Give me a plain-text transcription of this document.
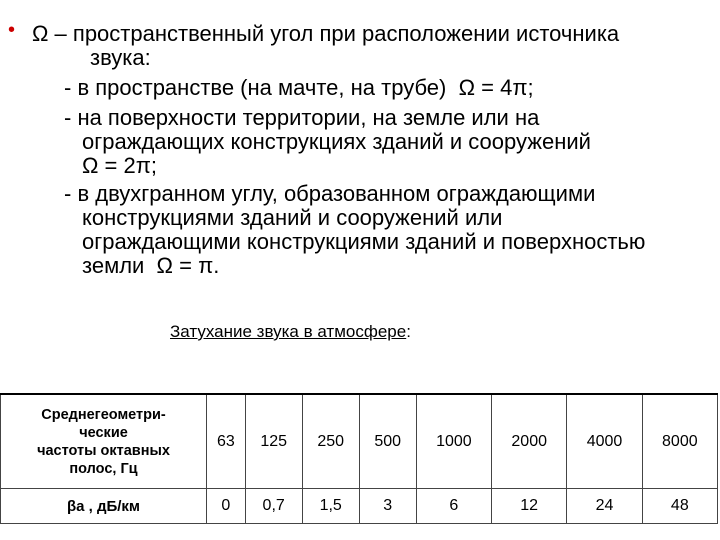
• Ω – пространственный угол при расположении источника
звука:
- в пространстве (на мачте, на трубе)  Ω = 4π;
- на поверхности территории, на земле или на
ограждающих конструкциях зданий и сооружений
Ω = 2π;
- в двухгранном углу, образованном ограждающими
конструкциями зданий и сооружений или
ограждающими конструкциями зданий и поверхностью
земли  Ω = π.
Затухание звука в атмосфере:
Среднегеометри-
ческие
частоты октавных
полос, Гц	63	125	250	500	1000	2000	4000	8000
βа , дБ/км	0	0,7	1,5	3	6	12	24	48
